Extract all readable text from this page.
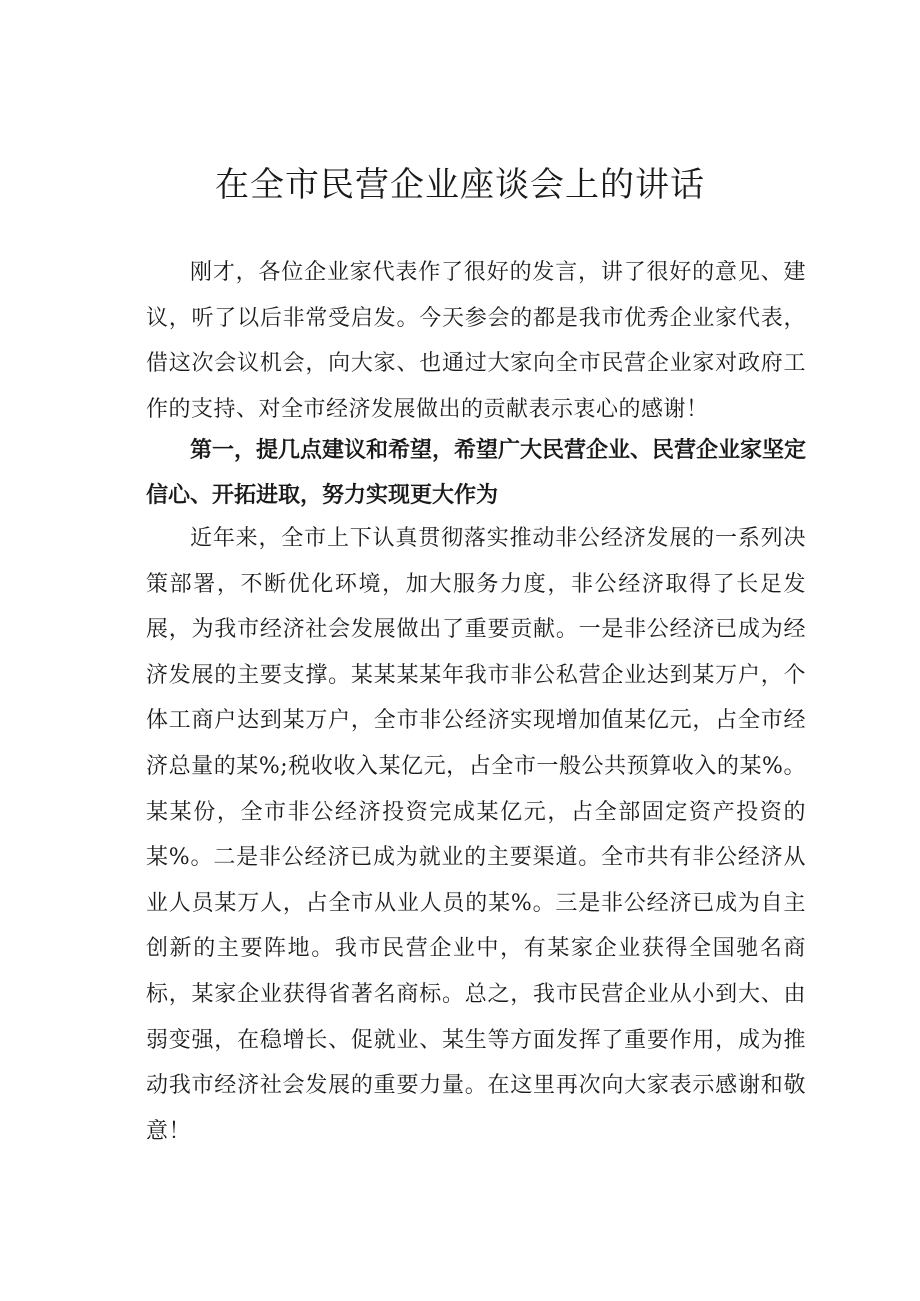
在全市民营企业座谈会上的讲话

刚才，各位企业家代表作了很好的发言，讲了很好的意见、建议，听了以后非常受启发。今天参会的都是我市优秀企业家代表，借这次会议机会，向大家、也通过大家向全市民营企业家对政府工作的支持、对全市经济发展做出的贡献表示衷心的感谢！

第一，提几点建议和希望，希望广大民营企业、民营企业家坚定信心、开拓进取，努力实现更大作为

近年来，全市上下认真贯彻落实推动非公经济发展的一系列决策部署，不断优化环境，加大服务力度，非公经济取得了长足发展，为我市经济社会发展做出了重要贡献。一是非公经济已成为经济发展的主要支撑。某某某某年我市非公私营企业达到某万户，个体工商户达到某万户，全市非公经济实现增加值某亿元，占全市经济总量的某%;税收收入某亿元，占全市一般公共预算收入的某%。某某份，全市非公经济投资完成某亿元，占全部固定资产投资的某%。二是非公经济已成为就业的主要渠道。全市共有非公经济从业人员某万人，占全市从业人员的某%。三是非公经济已成为自主创新的主要阵地。我市民营企业中，有某家企业获得全国驰名商标，某家企业获得省著名商标。总之，我市民营企业从小到大、由弱变强，在稳增长、促就业、某生等方面发挥了重要作用，成为推动我市经济社会发展的重要力量。在这里再次向大家表示感谢和敬意！
